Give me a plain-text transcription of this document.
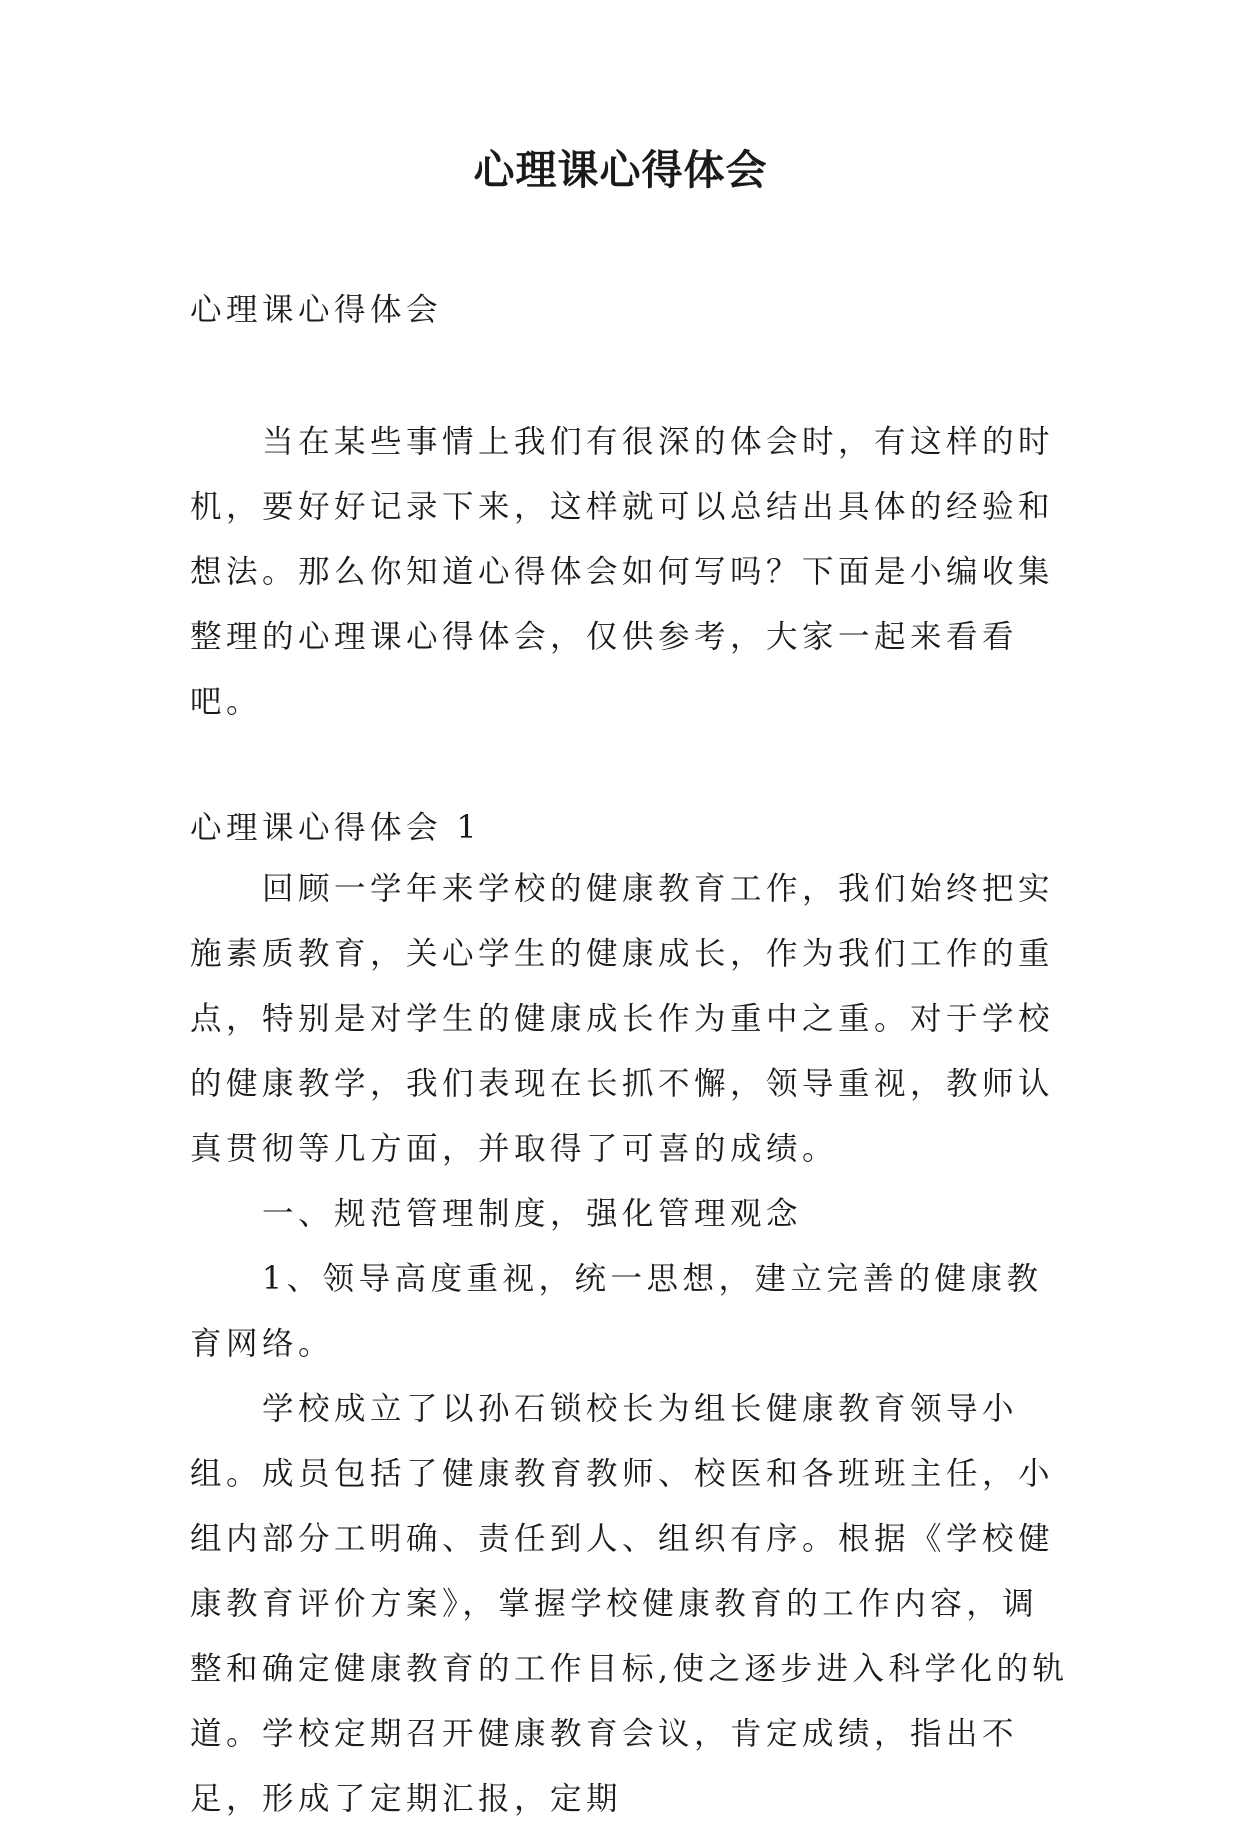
心理课心得体会

心理课心得体会

当在某些事情上我们有很深的体会时，有这样的时机，要好好记录下来，这样就可以总结出具体的经验和想法。那么你知道心得体会如何写吗？下面是小编收集整理的心理课心得体会，仅供参考，大家一起来看看吧。

心理课心得体会 1

回顾一学年来学校的健康教育工作，我们始终把实施素质教育，关心学生的健康成长，作为我们工作的重点，特别是对学生的健康成长作为重中之重。对于学校的健康教学，我们表现在长抓不懈，领导重视，教师认真贯彻等几方面，并取得了可喜的成绩。

一、规范管理制度，强化管理观念

1、领导高度重视，统一思想，建立完善的健康教育网络。

学校成立了以孙石锁校长为组长健康教育领导小组。成员包括了健康教育教师、校医和各班班主任，小组内部分工明确、责任到人、组织有序。根据《学校健康教育评价方案》，掌握学校健康教育的工作内容，调整和确定健康教育的工作目标,使之逐步进入科学化的轨道。学校定期召开健康教育会议，肯定成绩，指出不足，形成了定期汇报，定期
